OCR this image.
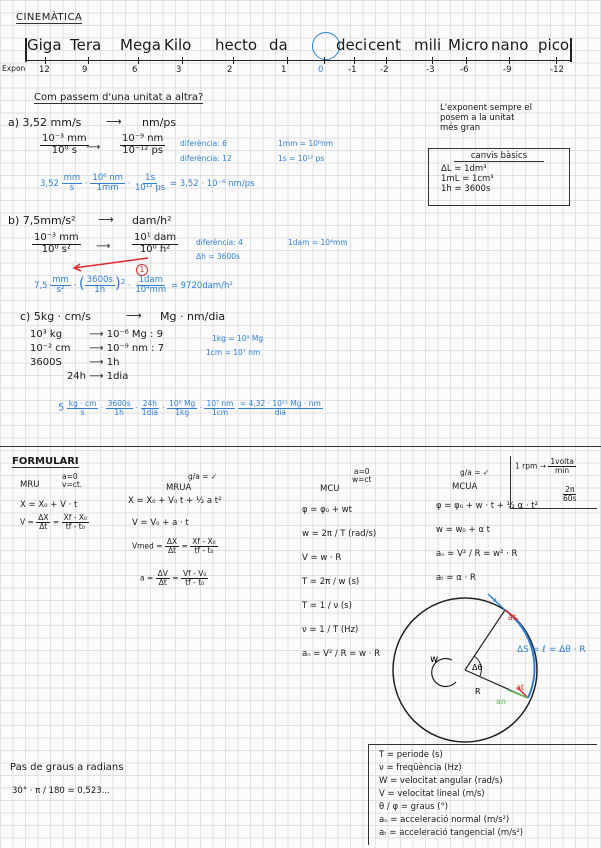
CINEMÀTICA
Giga Tera Mega Kilo hecto da	deci cent mili Micro nano pico
12	9	6	3	2	1	0	-1	-2	-3	-6	-9	-12
Expon
Com passem d'una unitat a altra?
L'exponent sempre el
posem a la unitat
més gran
canvis bàsics
ΔL = 1dm³
1mL = 1cm³
1h = 3600s
a) 3,52 mm/s ⟶ nm/ps
$\frac{\text{10⁻³ mm}}{\text{10⁰ s}}$
⟶ $\frac{\text{10⁻⁹ nm}}{\text{10⁻¹² ps}}$ diferència: 6
diferència: 12
1mm = 10⁶nm
1s = 10¹² ps
$3,52 \frac{mm}{s} \cdot \frac{\text{10⁶ nm}}{1mm} \cdot \frac{1s}{\text{10¹² ps}} = 3,52 \cdot 10^{-6}$ nm/ps
b) 7,5mm/s² ⟶ dam/h²
$\frac{\text{10⁻³ mm}}{\text{10⁰ s²}}$ ⟶ $\frac{\text{10¹ dam}}{\text{10⁰ h²}}$ diferència: 4
Δh = 3600s
1dam = 10⁴mm
1
$7,5 \frac{mm}{\text{s²}}$ · ( $\frac{3600s}{1h} )^2 \cdot \frac{\text{1dam}}{\text{10⁴mm}} = 9720dam/h^2$
c) 5kg · cm/s	⟶ Mg · nm/dia
10³ kg ⟶ 10⁻⁶ Mg : 9
10⁻² cm ⟶ 10⁻⁹ nm : 7
3600S ⟶ 1h
24h ⟶ 1dia
1kg = 10⁹ Mg
1cm = 10⁷ nm
$5 \frac{kg \cdot cm}{s} \cdot \frac{3600s}{1h} \cdot \frac{24h}{\text{1dia}} \cdot \frac{\text{10⁹ Mg}}{1kg} \cdot \frac{\text{10⁷ nm}}{1cm}$
$\frac{\text{= 4,32 · 10²¹ Mg · nm}}{\text{dia}}$
FORMULARI
MRU
a=0
v=ct.
X = X₀ + V · t
$V = \frac{\Delta X}{\Delta t} = \frac{\text{Xf - X₀}}{\text{tf - t₀}}$
g/a = ✓
MRUA
X = X₀ + V₀ t + ½ a t²
V = V₀ + a · t
Vmed = $\frac{\Delta X}{\Delta t} = \frac{\text{Xf - X₀}}{\text{tf - t₀}}$
$a = \frac{\Delta V}{\Delta t} = \frac{\text{Vf - V₀}}{\text{tf - t₀}}$
a=0
w=ct
MCU
φ = φ₀ + wt
w = 2π / T (rad/s)
V = w · R
T = 2π / w (s)
T = 1 / ν (s)
ν = 1 / T (Hz)
aₙ = V² / R = w · R
g/a = ✓
MCUA
φ = φ₀ + w · t + ½ α · t²
w = w₀ + α t
aₙ = V² / R = w² · R
aₜ = α · R
1 rpm → $\frac{\text{1volta}}{\min}$
$\frac{2\pi}{60s}$
w
R
Δθ
v
at
an
at
ΔS = ℓ = Δθ · R
Pas de graus a radians
30° · π / 180 = 0,523...
T = periode (s)
ν = freqüència (Hz)
W = velocitat angular (rad/s)
V = velocitat lineal (m/s)
θ / φ = graus (°)
aₙ = acceleració normal (m/s²)
aₜ = acceleració tangencial (m/s²)
